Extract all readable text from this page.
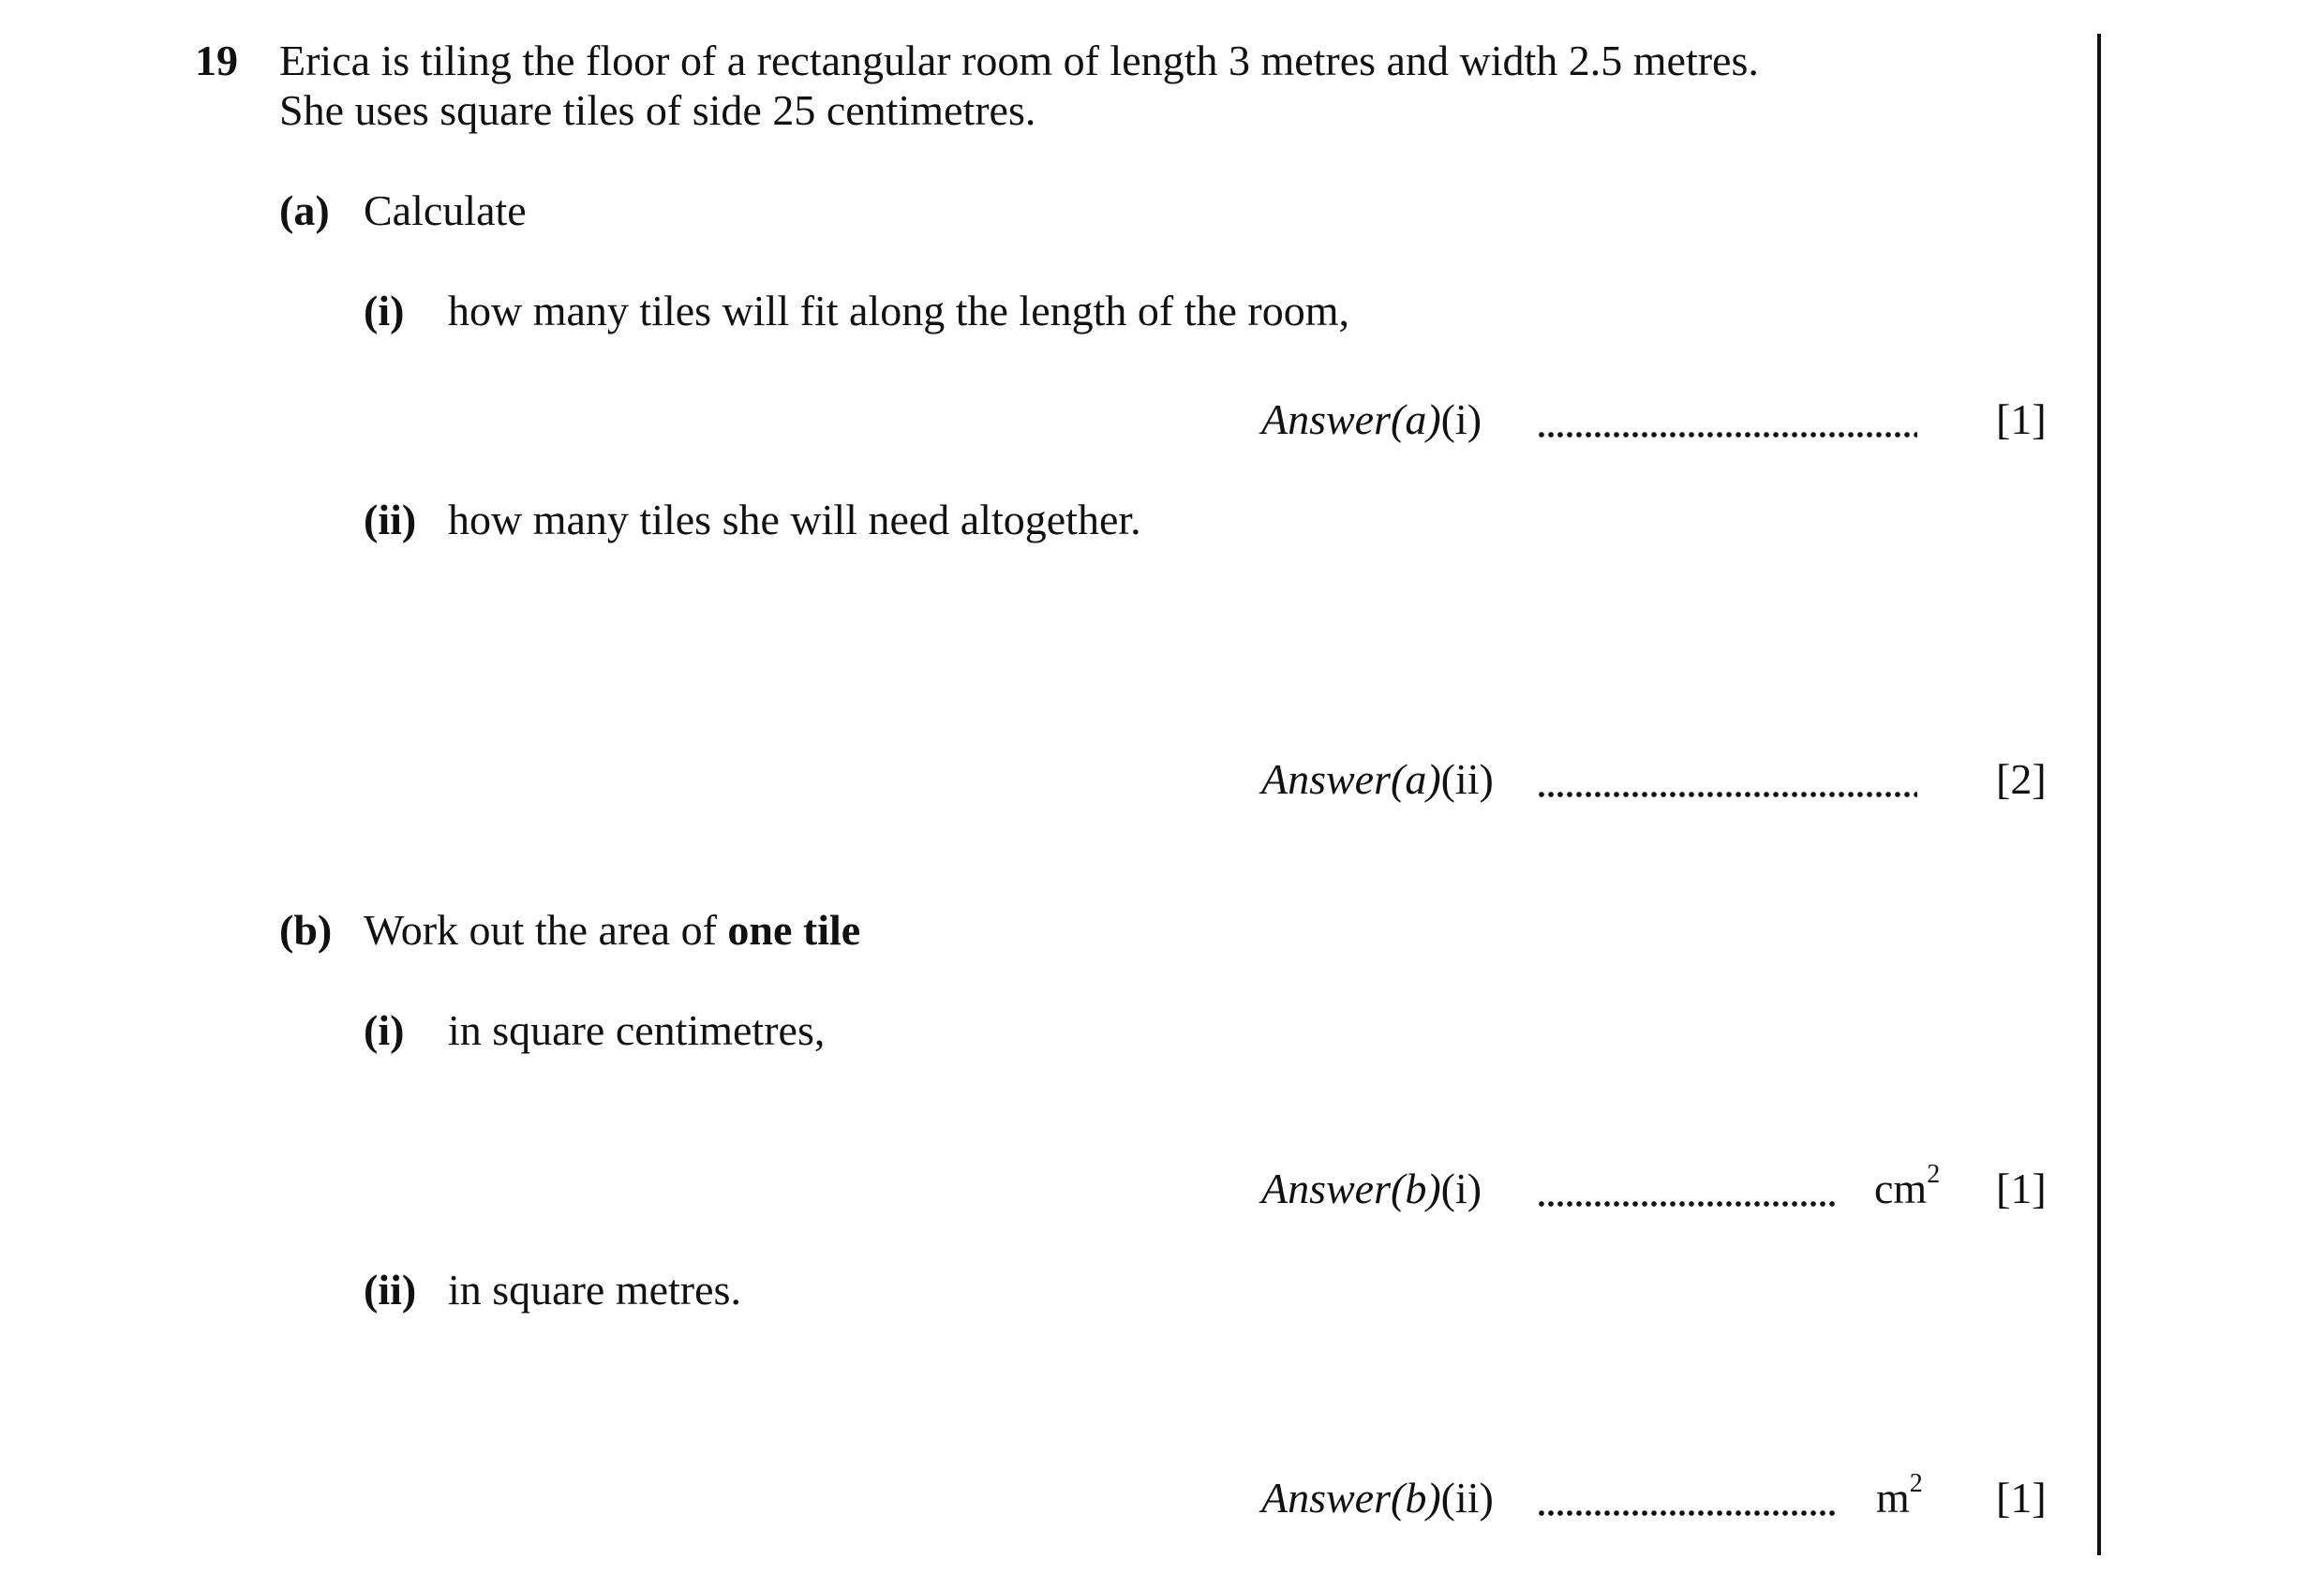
19 Erica is tiling the floor of a rectangular room of length 3 metres and width 2.5 metres.
She uses square tiles of side 25 centimetres.
(a) Calculate
(i) how many tiles will fit along the length of the room,
Answer(a)(i)	[1]
(ii) how many tiles she will need altogether.
Answer(a)(ii)	[2]
(b) Work out the area of one tile
(i) in square centimetres,
Answer(b)(i)	$cm^2$ [1]
(ii) in square metres.
Answer(b)(ii)	$m^2$ [1]
